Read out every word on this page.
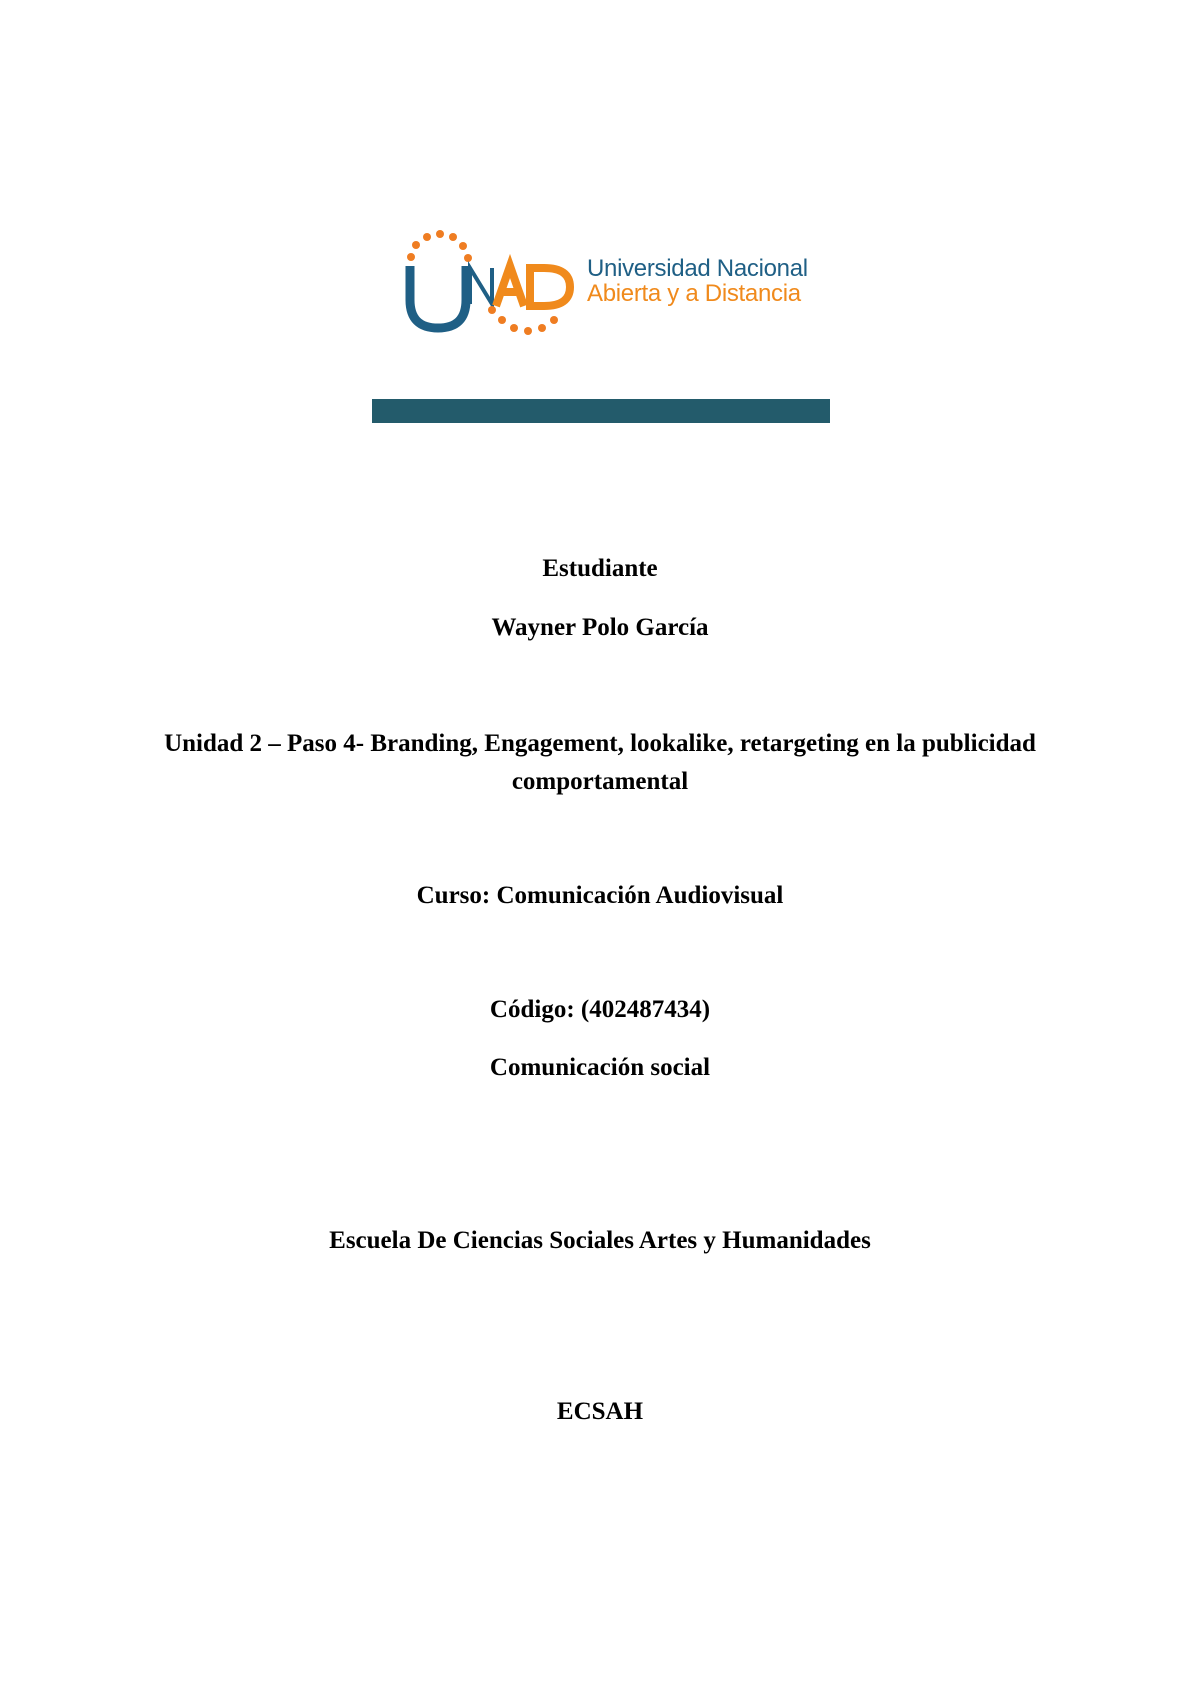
Universidad Nacional
Abierta y a Distancia
Estudiante
Wayner Polo García
Unidad 2 – Paso 4- Branding, Engagement, lookalike, retargeting en la publicidad comportamental
Curso: Comunicación Audiovisual
Código: (402487434)
Comunicación social
Escuela De Ciencias Sociales Artes y Humanidades
ECSAH
